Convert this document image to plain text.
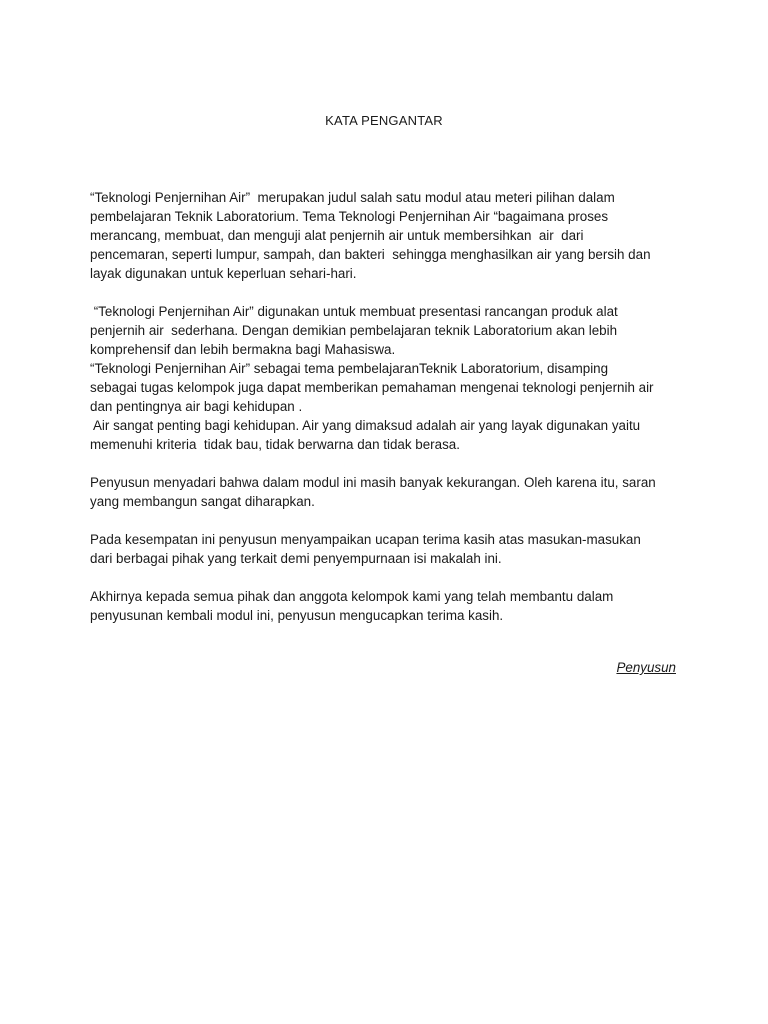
KATA PENGANTAR
“Teknologi Penjernihan Air”  merupakan judul salah satu modul atau meteri pilihan dalam
pembelajaran Teknik Laboratorium. Tema Teknologi Penjernihan Air “bagaimana proses
merancang, membuat, dan menguji alat penjernih air untuk membersihkan  air  dari
pencemaran, seperti lumpur, sampah, dan bakteri  sehingga menghasilkan air yang bersih dan
layak digunakan untuk keperluan sehari-hari.
“Teknologi Penjernihan Air” digunakan untuk membuat presentasi rancangan produk alat
penjernih air  sederhana. Dengan demikian pembelajaran teknik Laboratorium akan lebih
komprehensif dan lebih bermakna bagi Mahasiswa.
“Teknologi Penjernihan Air” sebagai tema pembelajaranTeknik Laboratorium, disamping
sebagai tugas kelompok juga dapat memberikan pemahaman mengenai teknologi penjernih air
dan pentingnya air bagi kehidupan .
Air sangat penting bagi kehidupan. Air yang dimaksud adalah air yang layak digunakan yaitu
memenuhi kriteria  tidak bau, tidak berwarna dan tidak berasa.
Penyusun menyadari bahwa dalam modul ini masih banyak kekurangan. Oleh karena itu, saran
yang membangun sangat diharapkan.
Pada kesempatan ini penyusun menyampaikan ucapan terima kasih atas masukan-masukan
dari berbagai pihak yang terkait demi penyempurnaan isi makalah ini.
Akhirnya kepada semua pihak dan anggota kelompok kami yang telah membantu dalam
penyusunan kembali modul ini, penyusun mengucapkan terima kasih.
Penyusun
